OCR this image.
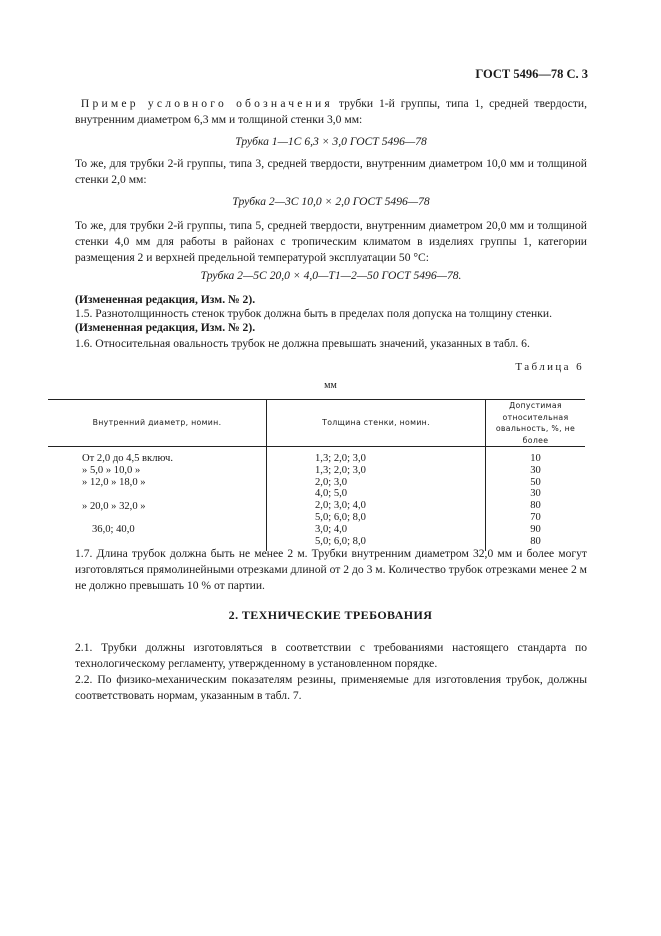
ГОСТ 5496—78 С. 3
Пример условного обозначения трубки 1-й группы, типа 1, средней твердости, внутренним диаметром 6,3 мм и толщиной стенки 3,0 мм:
Трубка 1—1С 6,3 × 3,0 ГОСТ 5496—78
То же, для трубки 2-й группы, типа 3, средней твердости, внутренним диаметром 10,0 мм и толщиной стенки 2,0 мм:
Трубка 2—3С 10,0 × 2,0 ГОСТ 5496—78
То же, для трубки 2-й группы, типа 5, средней твердости, внутренним диаметром 20,0 мм и толщиной стенки 4,0 мм для работы в районах с тропическим климатом в изделиях группы 1, категории размещения 2 и верхней предельной температурой эксплуатации 50 °С:
Трубка 2—5С 20,0 × 4,0—Т1—2—50 ГОСТ 5496—78.
(Измененная редакция, Изм. № 2).
1.5. Разнотолщинность стенок трубок должна быть в пределах поля допуска на толщину стенки.
(Измененная редакция, Изм. № 2).
1.6. Относительная овальность трубок не должна превышать значений, указанных в табл. 6.
Таблица 6
мм
Внутренний диаметр, номин.	Толщина стенки, номин.	Допустимая относительная овальность, %, не более
От 2,0 до 4,5 включ.	1,3; 2,0; 3,0	10
» 5,0 » 10,0 »	1,3; 2,0; 3,0	30
» 12,0 » 18,0 »	2,0; 3,0	50
	4,0; 5,0	30
» 20,0 » 32,0 »	2,0; 3,0; 4,0	80
	5,0; 6,0; 8,0	70
36,0; 40,0	3,0; 4,0	90
	5,0; 6,0; 8,0	80
1.7. Длина трубок должна быть не менее 2 м. Трубки внутренним диаметром 32,0 мм и более могут изготовляться прямолинейными отрезками длиной от 2 до 3 м. Количество трубок отрезками менее 2 м не должно превышать 10 % от партии.
2. ТЕХНИЧЕСКИЕ ТРЕБОВАНИЯ
2.1. Трубки должны изготовляться в соответствии с требованиями настоящего стандарта по технологическому регламенту, утвержденному в установленном порядке.
2.2. По физико-механическим показателям резины, применяемые для изготовления трубок, должны соответствовать нормам, указанным в табл. 7.
